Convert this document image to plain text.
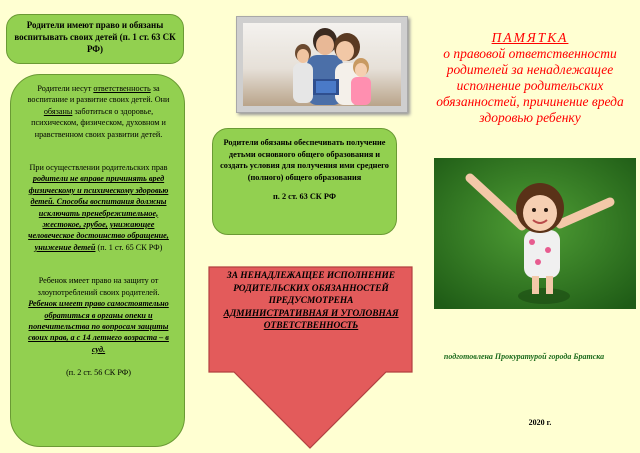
Родители имеют право и обязаны воспитывать своих детей (п. 1 ст. 63 СК РФ)

Родители несут ответственность за воспитание и развитие своих детей. Они обязаны заботиться о здоровье, психическом, физическом, духовном и нравственном своих развитии детей.

При осуществлении родительских прав родители не вправе причинять вред физическому и психическому здоровью детей. Способы воспитания должны исключать пренебрежительное, жестокое, грубое, унижающее человеческое достоинство обращение, унижение детей (п. 1 ст. 65 СК РФ)

Ребенок имеет право на защиту от злоупотреблений своих родителей. Ребенок имеет право самостоятельно обратиться в органы опеки и попечительства по вопросам защиты своих прав, а с 14 летнего возраста – в суд.

(п. 2 ст. 56 СК РФ)

Родители обязаны обеспечивать получение детьми основного общего образования и создать условия для получения ими среднего (полного) общего образования
п. 2 ст. 63 СК РФ
ЗА НЕНАДЛЕЖАЩЕЕ ИСПОЛНЕНИЕ РОДИТЕЛЬСКИХ ОБЯЗАННОСТЕЙ ПРЕДУСМОТРЕНА АДМИНИСТРАТИВНАЯ И УГОЛОВНАЯ ОТВЕТСТВЕННОСТЬ
ПАМЯТКА
о правовой ответственности родителей за ненадлежащее исполнение родительских обязанностей, причинение вреда здоровью ребенку
подготовлена Прокуратурой города Братска
2020 г.
